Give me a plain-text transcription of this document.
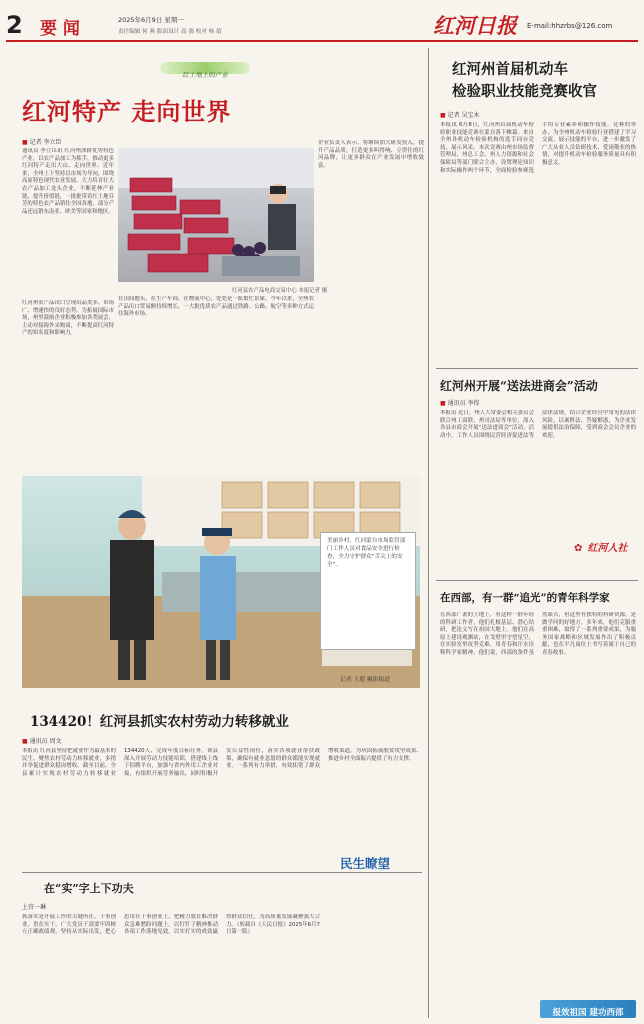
2 要 闻	2025年6月9日 星期一
责任编辑 何 燕 版面设计 高 强 校对 杨 婧	红河日报 E-mail:hhzrbs@126.com
红土地上的产业
红河特产 走向世界
■ 记者 李立臣
红河县农产品电商交易中心 本报记者 摄
通讯员 李立臣讯 红河州深耕优势特色产业，以农产品加工为抓手，推动更多红河特产走出大山、走向世界。近年来，全州上下坚持以市场为导向，围绕高原特色现代农业发展，大力培育壮大农产品加工龙头企业，不断延伸产业链、提升价值链，一批批带着红土地芬芳的特色农产品销往全国各地，部分产品还远销东南亚、欧美等国家和地区。
红河州农产品出口呈现出品类多、市场广、增速快的良好态势。为拓展国际市场，州里鼓励企业积极参加各类展会，主动对接海外采购商，不断提高红河特产的知名度和影响力。
在田间地头，在生产车间，在物流中心，处处是一派繁忙景象。今年以来，全州农产品出口贸易额持续增长，一大批优质农产品通过铁路、公路、航空等多种方式运往海外市场。
企业负责人表示，将继续加大研发投入，提升产品品质，打造更多叫得响、立得住的红河品牌，让更多群众在产业发展中增收致富。
红河州首届机动车
检验职业技能竞赛收官
■ 记者 吴宝木
本报讯 6月8日，红河州首届机动车检验职业技能竞赛在蒙自落下帷幕。来自全州各机动车检验机构的选手同台竞技，展示风采。本次竞赛由州市场监督管理局、州总工会、州人力资源和社会保障局等部门联合主办，设置理论知识和实际操作两个环节，全面检验参赛选手的专业素养和操作技能。竞赛的举办，为全州机动车检验行业搭建了学习交流、展示技能的平台，进一步激发了广大从业人员钻研技术、爱岗敬业的热情，对提升机动车检验服务质量具有积极意义。
红河州开展“送法进商会”活动
■ 通讯员 李煌
本报讯 近日，州人大常委会相关委员会联合州工商联、州司法局等单位，深入各县市商会开展“送法进商会”活动。活动中，工作人员围绕民营经济促进法等法律法规，结合企业经营中常见的法律风险，以案释法、答疑解惑，为企业发展提供法治保障，受到商会会员企业的欢迎。
✿ 红河人社
在西部，有一群“追光”的青年科学家
在西部广袤的土地上，有这样一群年轻的科研工作者，他们扎根基层、潜心钻研，把论文写在祖国大地上。他们在高原上建设观测站，在戈壁里守望星空，在实验室里攻坚克难，用青春和汗水诠释科学家精神。他们说，西部的条件虽然艰苦，但这里有独特的科研资源，是做学问的好地方。多年来，他们克服重重困难，取得了一系列重要成果，为服务国家战略和区域发展作出了积极贡献，也在平凡岗位上书写着属于自己的青春故事。
报效祖国 建功西部
美丽乡村、红河蒙自市场监管部门工作人员对食品安全进行检查，全力守护群众“舌尖上的安全”。
记者 王超 摄影报道
134420！红河县抓实农村劳动力转移就业
■ 通讯员 周文
本报讯 红河县坚持把就业作为最基本的民生，聚焦农村劳动力转移就业，多措并举促进群众稳岗增收。截至目前，全县累计实现农村劳动力转移就业134420人，完成年度目标任务。该县深入开展劳动力技能培训，搭建线上线下招聘平台，加强与省内外用工企业对接，有组织开展劳务输出，同时积极开发公益性岗位，落实各项就业帮扶政策，确保有就业意愿的群众都能实现就业。一系列有力举措，有效拓宽了群众增收渠道，为巩固拓展脱贫攻坚成果、推进乡村全面振兴提供了有力支撑。
民生瞭望
在“实”字上下功夫
上官一琳
抓落实是开展工作的关键所在。干事创业，贵在实干。广大党员干部要牢固树立正确政绩观，坚持从实际出发，把心思用在干事创业上，把精力放在解决群众急难愁盼问题上，以钉钉子精神推动各项工作落地见效，以实打实的成效赢得群众信任，为高质量发展凝聚强大合力。（转载自《人民日报》2025年6月7日第一版）
